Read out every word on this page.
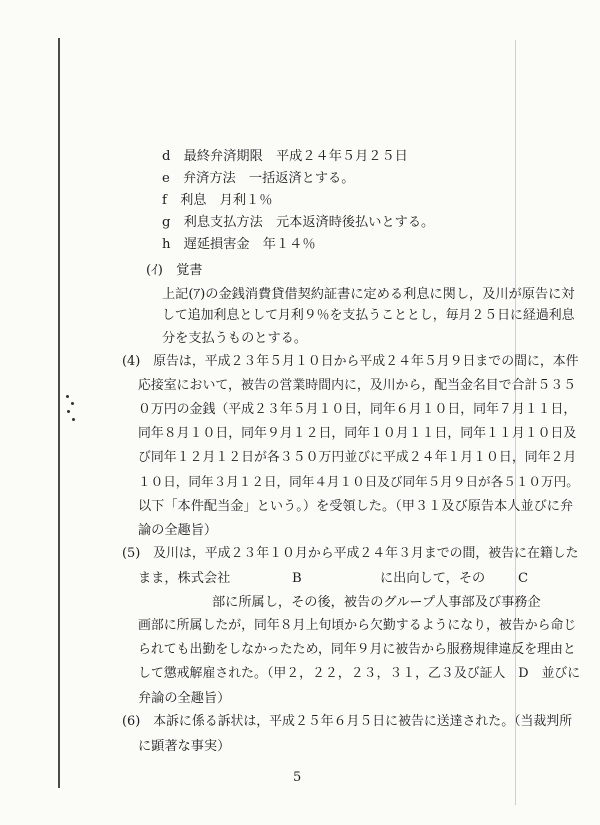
d　最終弁済期限　平成２４年５月２５日
e　弁済方法　一括返済とする。
f　利息　月利１％
g　利息支払方法　元本返済時後払いとする。
h　遅延損害金　年１４％
(ｲ)　覚書
上記(ｱ)の金銭消費貸借契約証書に定める利息に関し，及川が原告に対
して追加利息として月利９％を支払うこととし，毎月２５日に経過利息
分を支払うものとする。
(4)　原告は，平成２３年５月１０日から平成２４年５月９日までの間に，本件
応接室において，被告の営業時間内に，及川から，配当金名目で合計５３５
０万円の金銭（平成２３年５月１０日，同年６月１０日，同年７月１１日，
同年８月１０日，同年９月１２日，同年１０月１１日，同年１１月１０日及
び同年１２月１２日が各３５０万円並びに平成２４年１月１０日，同年２月
１０日，同年３月１２日，同年４月１０日及び同年５月９日が各５１０万円。
以下「本件配当金」という。）を受領した。（甲３１及び原告本人並びに弁
論の全趣旨）
(5)　及川は，平成２３年１０月から平成２４年３月までの間，被告に在籍した
まま，株式会社	B	に出向して，その C
部に所属し，その後，被告のグループ人事部及び事務企
画部に所属したが，同年８月上旬頃から欠勤するようになり，被告から命じ
られても出勤をしなかったため，同年９月に被告から服務規律違反を理由と
して懲戒解雇された。（甲２，２２，２３，３１，乙３及び証人　D　並びに
弁論の全趣旨）
(6)　本訴に係る訴状は，平成２５年６月５日に被告に送達された。（当裁判所
に顕著な事実）
5
